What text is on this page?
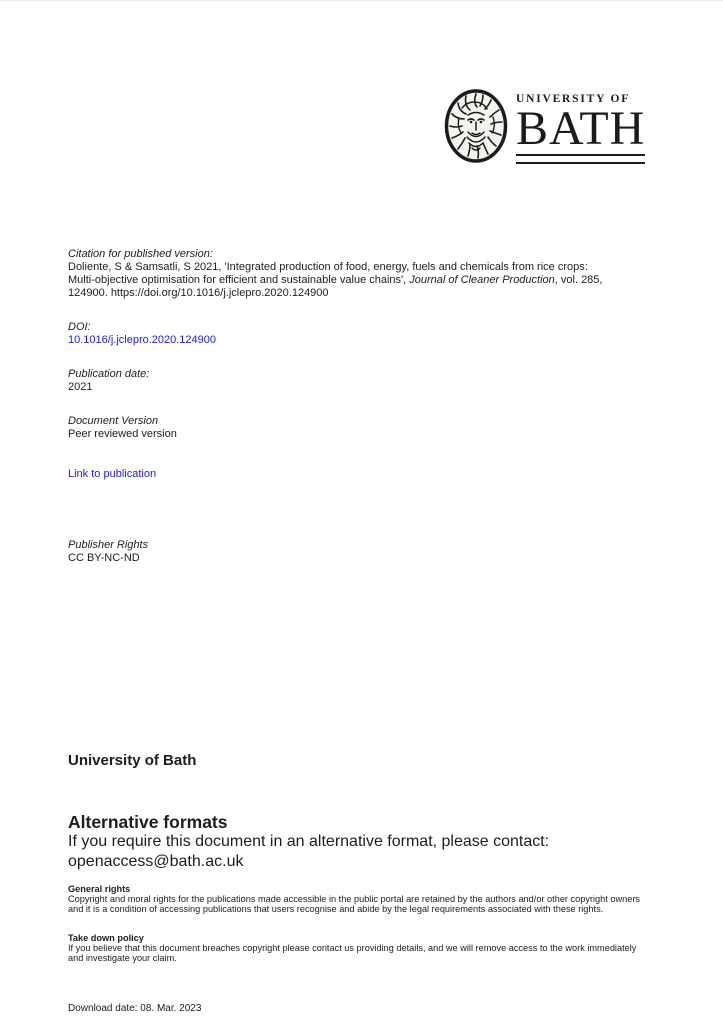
UNIVERSITY OF
BATH
Citation for published version:
Doliente, S & Samsatli, S 2021, 'Integrated production of food, energy, fuels and chemicals from rice crops:
Multi-objective optimisation for efficient and sustainable value chains', Journal of Cleaner Production, vol. 285,
124900. https://doi.org/10.1016/j.jclepro.2020.124900
DOI:
10.1016/j.jclepro.2020.124900
Publication date:
2021
Document Version
Peer reviewed version
Link to publication
Publisher Rights
CC BY-NC-ND
University of Bath
Alternative formats
If you require this document in an alternative format, please contact:
openaccess@bath.ac.uk
General rights
Copyright and moral rights for the publications made accessible in the public portal are retained by the authors and/or other copyright owners
and it is a condition of accessing publications that users recognise and abide by the legal requirements associated with these rights.
Take down policy
If you believe that this document breaches copyright please contact us providing details, and we will remove access to the work immediately
and investigate your claim.
Download date: 08. Mar. 2023
